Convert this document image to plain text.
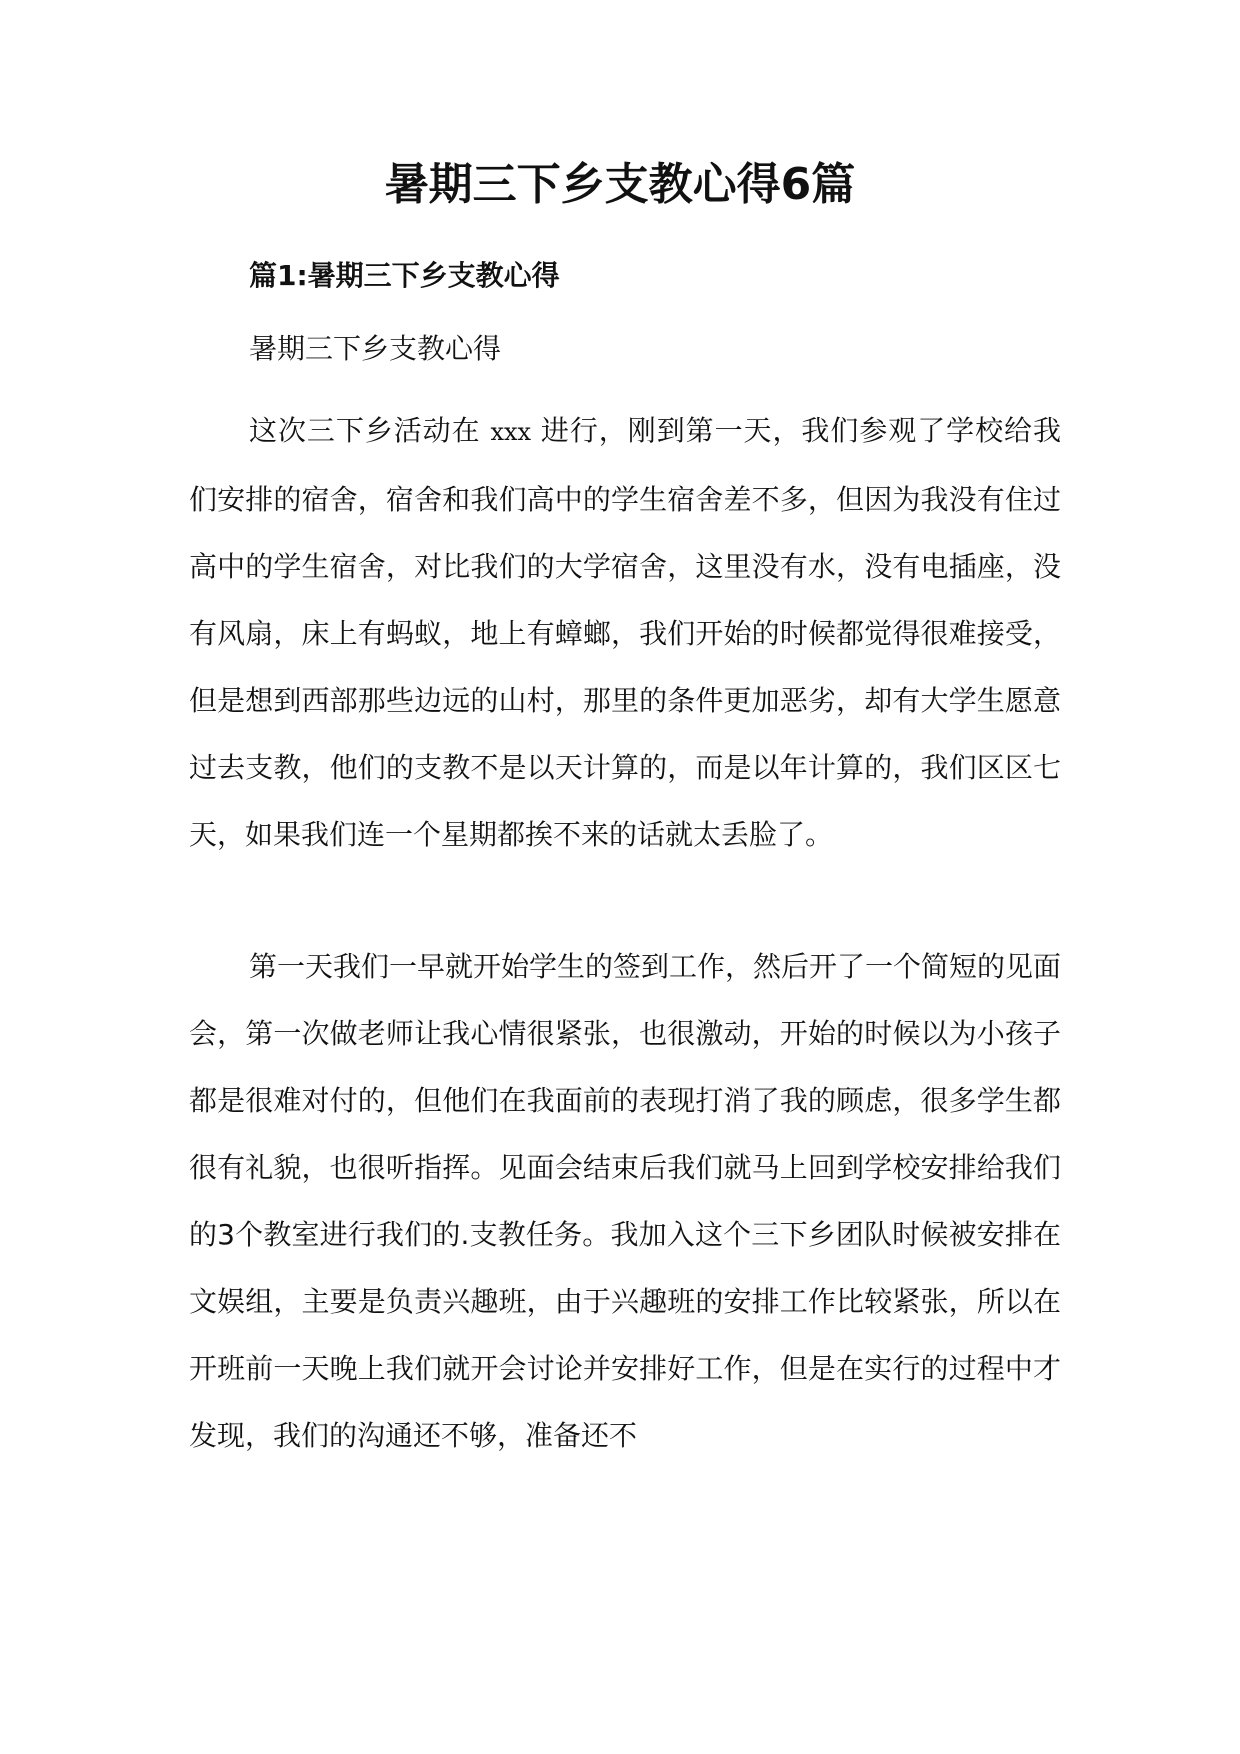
暑期三下乡支教心得6篇
篇1:暑期三下乡支教心得

暑期三下乡支教心得

这次三下乡活动在 xxx 进行，刚到第一天，我们参观了学校给我们安排的宿舍，宿舍和我们高中的学生宿舍差不多，但因为我没有住过高中的学生宿舍，对比我们的大学宿舍，这里没有水，没有电插座，没有风扇，床上有蚂蚁，地上有蟑螂，我们开始的时候都觉得很难接受，但是想到西部那些边远的山村，那里的条件更加恶劣，却有大学生愿意过去支教，他们的支教不是以天计算的，而是以年计算的，我们区区七天，如果我们连一个星期都挨不来的话就太丢脸了。

第一天我们一早就开始学生的签到工作，然后开了一个简短的见面会，第一次做老师让我心情很紧张，也很激动，开始的时候以为小孩子都是很难对付的，但他们在我面前的表现打消了我的顾虑，很多学生都很有礼貌，也很听指挥。见面会结束后我们就马上回到学校安排给我们的3个教室进行我们的.支教任务。我加入这个三下乡团队时候被安排在文娱组，主要是负责兴趣班，由于兴趣班的安排工作比较紧张，所以在开班前一天晚上我们就开会讨论并安排好工作，但是在实行的过程中才发现，我们的沟通还不够，准备还不
